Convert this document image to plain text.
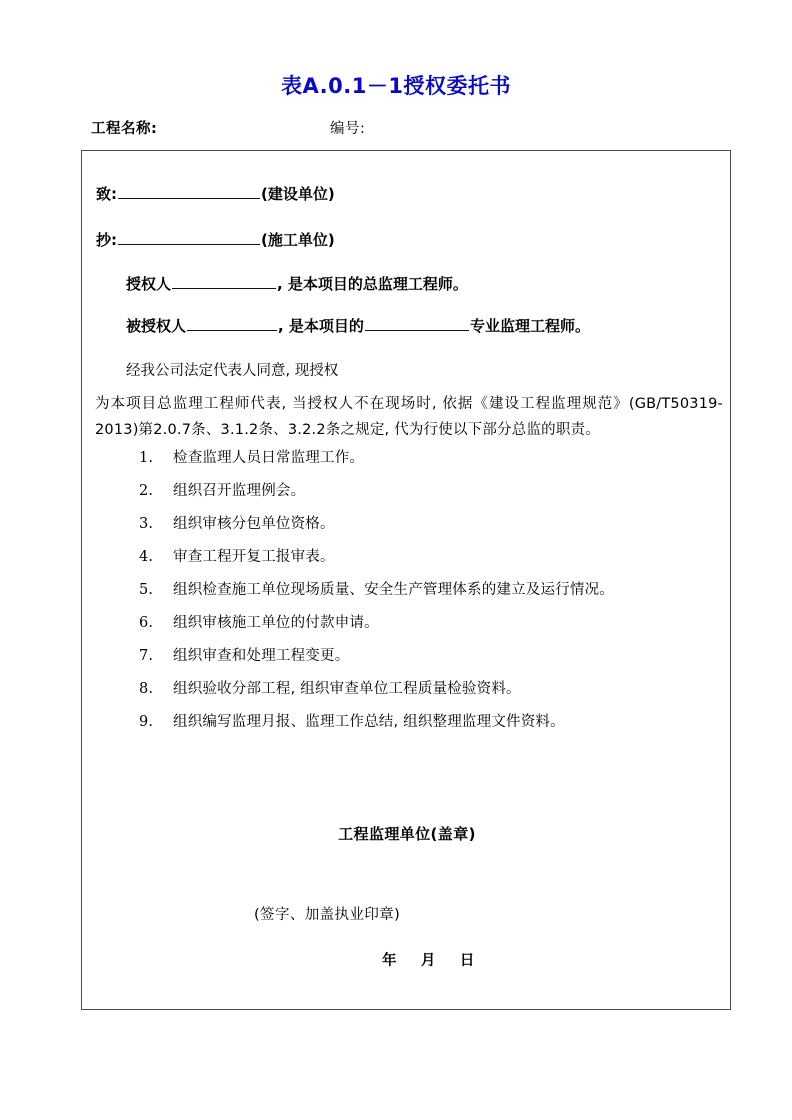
表A.0.1－1授权委托书
工程名称:	编号:
致:	(建设单位)
抄:	(施工单位)
授权人	, 是本项目的总监理工程师。
被授权人	, 是本项目的	专业监理工程师。
经我公司法定代表人同意, 现授权
为本项目总监理工程师代表, 当授权人不在现场时, 依据《建设工程监理规范》(GB/T50319-2013)第2.0.7条、3.1.2条、3.2.2条之规定, 代为行使以下部分总监的职责。
1.	检查监理人员日常监理工作。
2.	组织召开监理例会。
3.	组织审核分包单位资格。
4.	审查工程开复工报审表。
5.	组织检查施工单位现场质量、安全生产管理体系的建立及运行情况。
6.	组织审核施工单位的付款申请。
7.	组织审查和处理工程变更。
8.	组织验收分部工程, 组织审查单位工程质量检验资料。
9.	组织编写监理月报、监理工作总结, 组织整理监理文件资料。
工程监理单位(盖章)
(签字、加盖执业印章)
年 月 日
